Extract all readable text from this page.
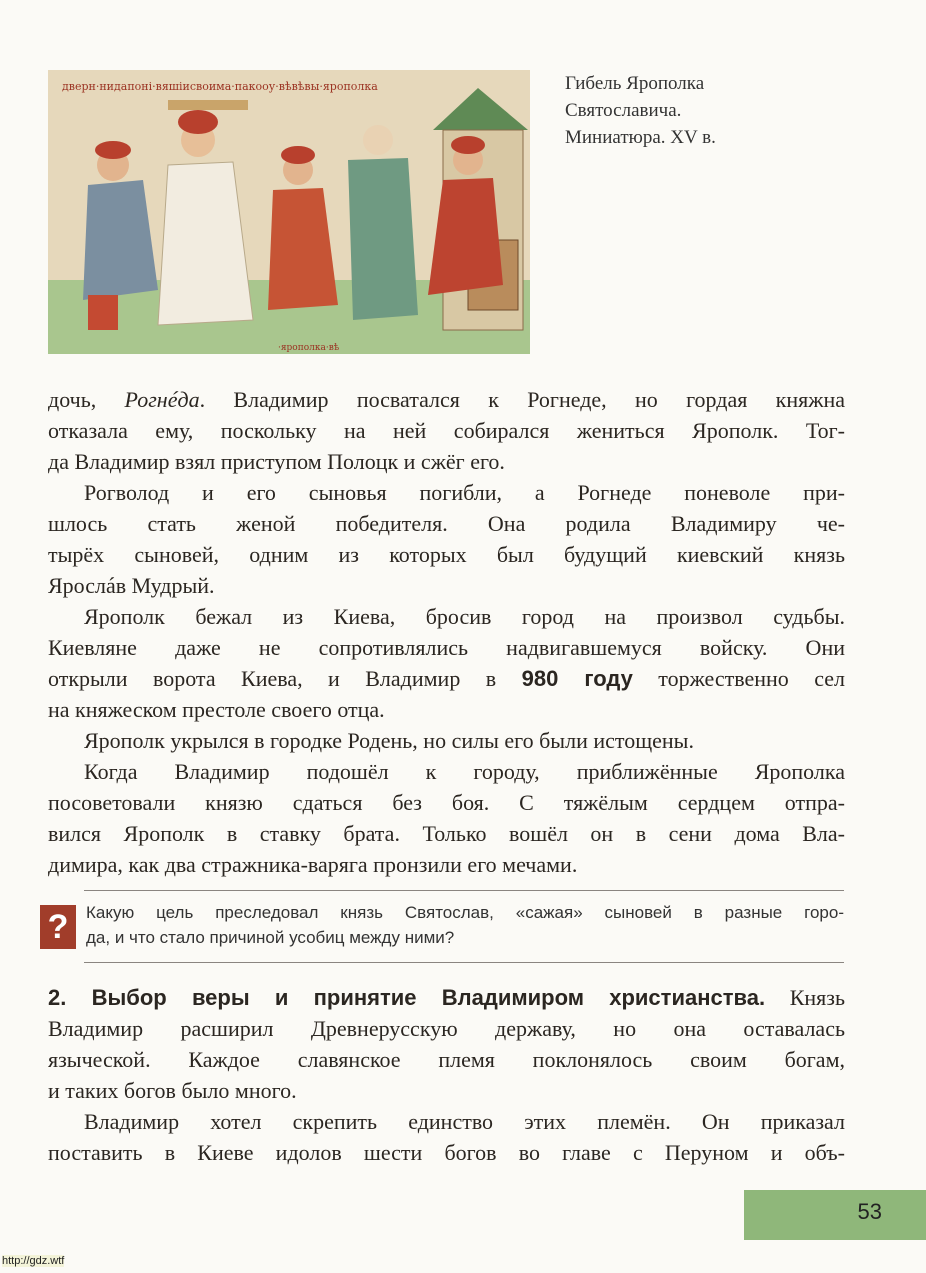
дверн·нидапоні·вяшіисвоима·пакооу·вѣвѣвы·ярополка
·ярополка·вѣ
Гибель Ярополка
Святославича.
Миниатюра. XV в.
дочь, Рогнéда. Владимир посватался к Рогнеде, но гордая княжна
отказала ему, поскольку на ней собирался жениться Ярополк. Тог-
да Владимир взял приступом Полоцк и сжёг его.
Рогволод и его сыновья погибли, а Рогнеде поневоле при-
шлось стать женой победителя. Она родила Владимиру че-
тырёх сыновей, одним из которых был будущий киевский князь
Ярослáв Мудрый.
Ярополк бежал из Киева, бросив город на произвол судьбы.
Киевляне даже не сопротивлялись надвигавшемуся войску. Они
открыли ворота Киева, и Владимир в 980 году торжественно сел
на княжеском престоле своего отца.
Ярополк укрылся в городке Родень, но силы его были истощены.
Когда Владимир подошёл к городу, приближённые Ярополка
посоветовали князю сдаться без боя. С тяжёлым сердцем отпра-
вился Ярополк в ставку брата. Только вошёл он в сени дома Вла-
димира, как два стражника-варяга пронзили его мечами.
?	Какую цель преследовал князь Святослав, «сажая» сыновей в разные горо-
да, и что стало причиной усобиц между ними?
2. Выбор веры и принятие Владимиром христианства. Князь
Владимир расширил Древнерусскую державу, но она оставалась
языческой. Каждое славянское племя поклонялось своим богам,
и таких богов было много.
Владимир хотел скрепить единство этих племён. Он приказал
поставить в Киеве идолов шести богов во главе с Перуном и объ-
53
http://gdz.wtf
